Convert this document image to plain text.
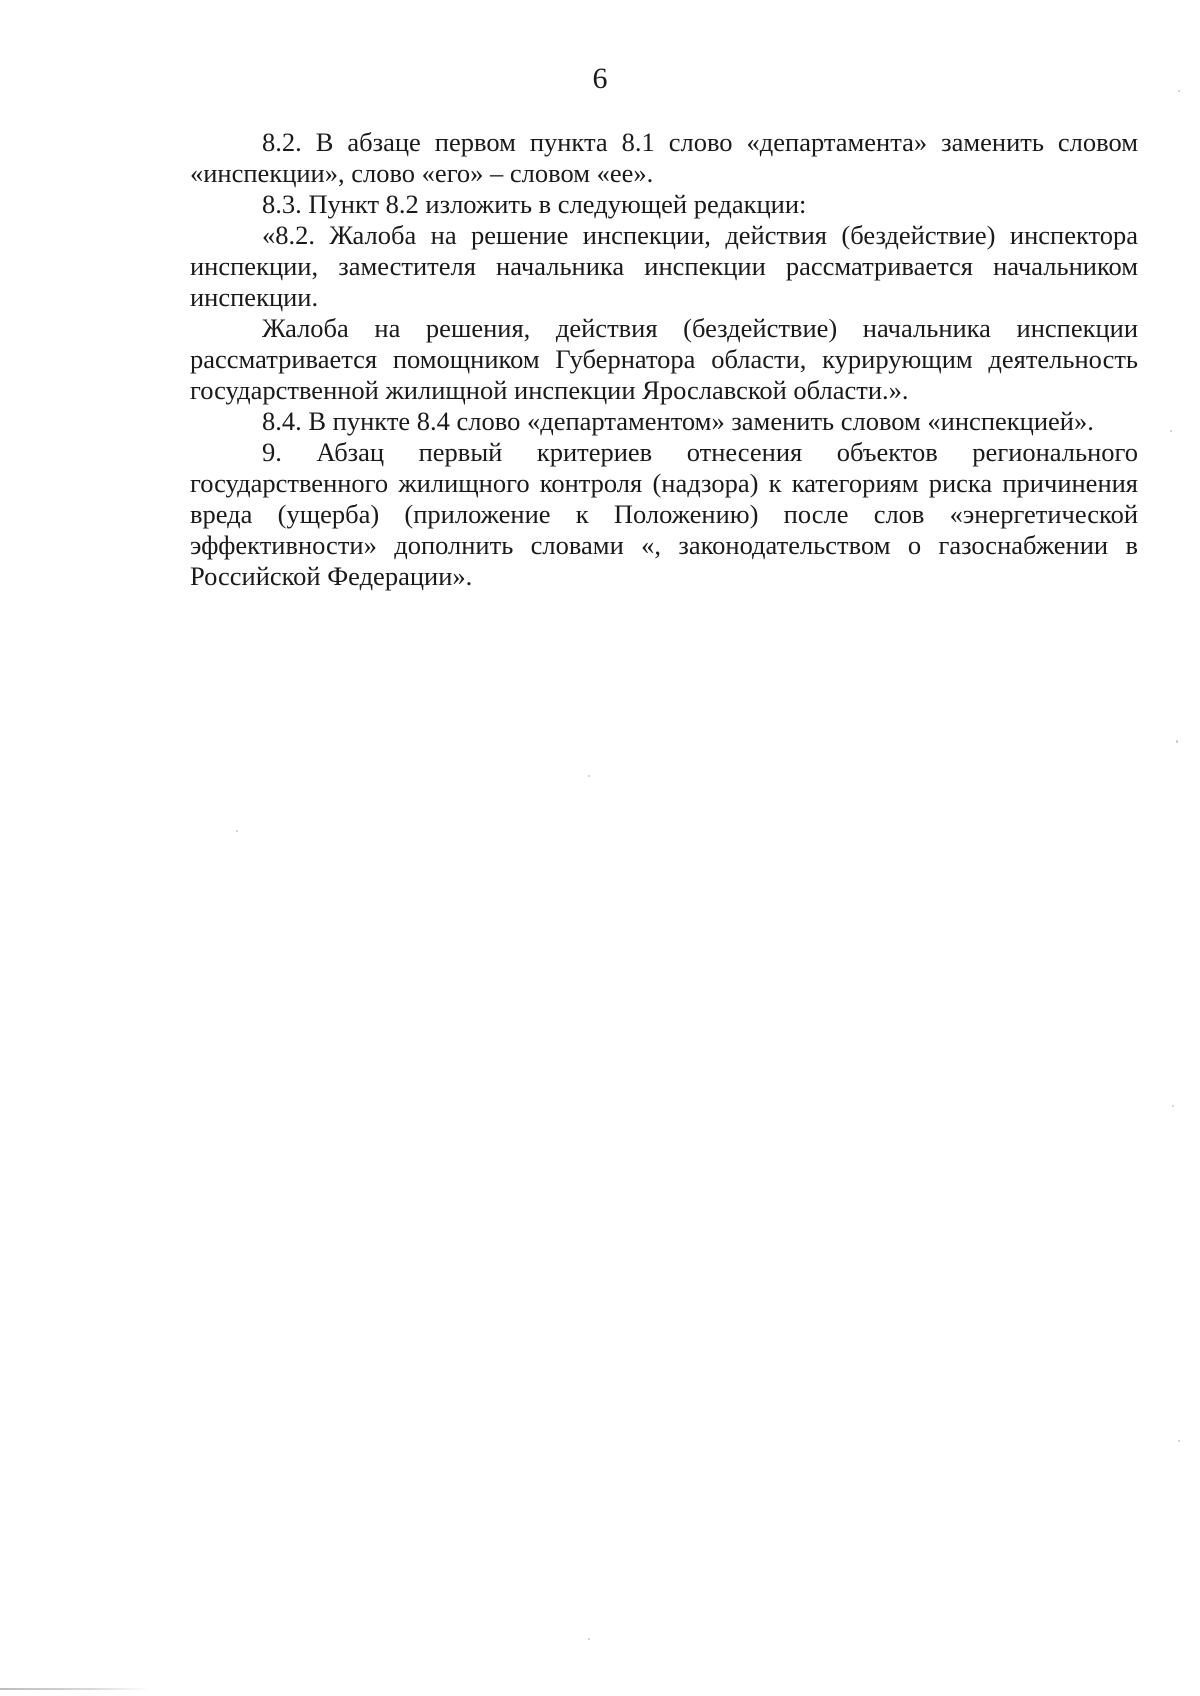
6

8.2. В абзаце первом пункта 8.1 слово «департамента» заменить словом «инспекции», слово «его» – словом «ее».

8.3. Пункт 8.2 изложить в следующей редакции:

«8.2. Жалоба на решение инспекции, действия (бездействие) инспектора инспекции, заместителя начальника инспекции рассматривается начальником инспекции.

Жалоба на решения, действия (бездействие) начальника инспекции рассматривается помощником Губернатора области, курирующим деятельность государственной жилищной инспекции Ярославской области.».

8.4. В пункте 8.4 слово «департаментом» заменить словом «инспекцией».

9. Абзац первый критериев отнесения объектов регионального государственного жилищного контроля (надзора) к категориям риска причинения вреда (ущерба) (приложение к Положению) после слов «энергетической эффективности» дополнить словами «, законодательством о газоснабжении в Российской Федерации».
